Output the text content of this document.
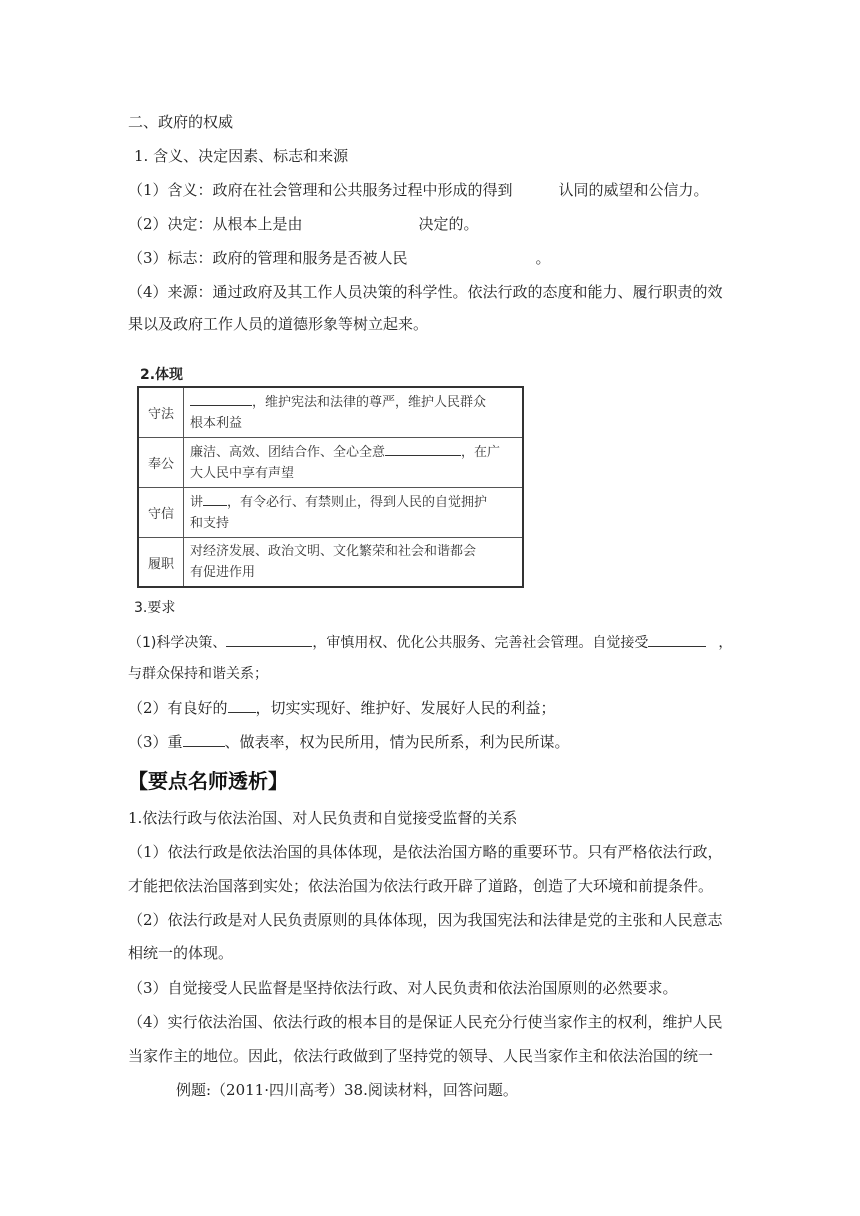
二、政府的权威
1. 含义、决定因素、标志和来源
（1）含义：政府在社会管理和公共服务过程中形成的得到	认同的威望和公信力。
（2）决定：从根本上是由	决定的。
（3）标志：政府的管理和服务是否被人民	。
（4）来源：通过政府及其工作人员决策的科学性。依法行政的态度和能力、履行职责的效
果以及政府工作人员的道德形象等树立起来。
2.体现
守法	，维护宪法和法律的尊严，维护人民群众
根本利益
奉公	廉洁、高效、团结合作、全心全意 ，在广
大人民中享有声望
守信	讲 ，有令必行、有禁则止，得到人民的自觉拥护
和支持
履职	对经济发展、政治文明、文化繁荣和社会和谐都会
有促进作用
3.要求
（1)科学决策、	，审慎用权、优化公共服务、完善社会管理。自觉接受	，
与群众保持和谐关系；
（2）有良好的 ，切实实现好、维护好、发展好人民的利益；
（3）重	、做表率，权为民所用，情为民所系，利为民所谋。
【要点名师透析】
1.依法行政与依法治国、对人民负责和自觉接受监督的关系
（1）依法行政是依法治国的具体体现，是依法治国方略的重要环节。只有严格依法行政，
才能把依法治国落到实处；依法治国为依法行政开辟了道路，创造了大环境和前提条件。
（2）依法行政是对人民负责原则的具体体现，因为我国宪法和法律是党的主张和人民意志
相统一的体现。
（3）自觉接受人民监督是坚持依法行政、对人民负责和依法治国原则的必然要求。
（4）实行依法治国、依法行政的根本目的是保证人民充分行使当家作主的权利，维护人民
当家作主的地位。因此，依法行政做到了坚持党的领导、人民当家作主和依法治国的统一
例题:（2011·四川高考）38.阅读材料，回答问题。
